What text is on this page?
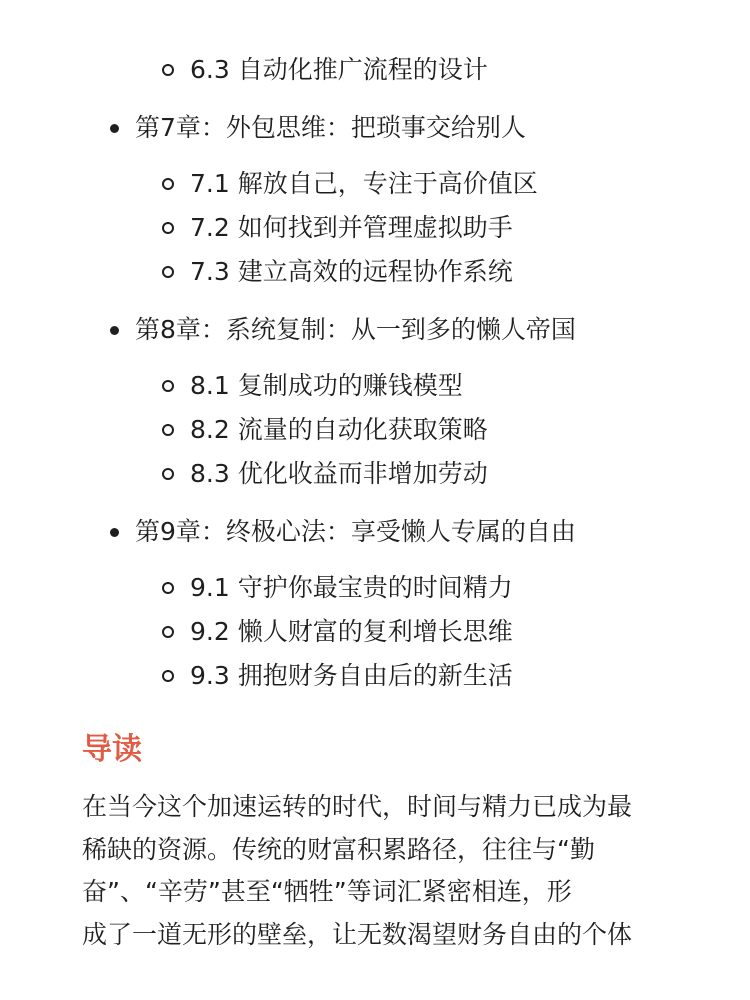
6.3 自动化推广流程的设计
第7章：外包思维：把琐事交给别人
7.1 解放自己，专注于高价值区
7.2 如何找到并管理虚拟助手
7.3 建立高效的远程协作系统
第8章：系统复制：从一到多的懒人帝国
8.1 复制成功的赚钱模型
8.2 流量的自动化获取策略
8.3 优化收益而非增加劳动
第9章：终极心法：享受懒人专属的自由
9.1 守护你最宝贵的时间精力
9.2 懒人财富的复利增长思维
9.3 拥抱财务自由后的新生活
导读
在当今这个加速运转的时代，时间与精力已成为最
稀缺的资源。传统的财富积累路径，往往与“勤
奋”、“辛劳”甚至“牺牲”等词汇紧密相连，形
成了一道无形的壁垒，让无数渴望财务自由的个体
